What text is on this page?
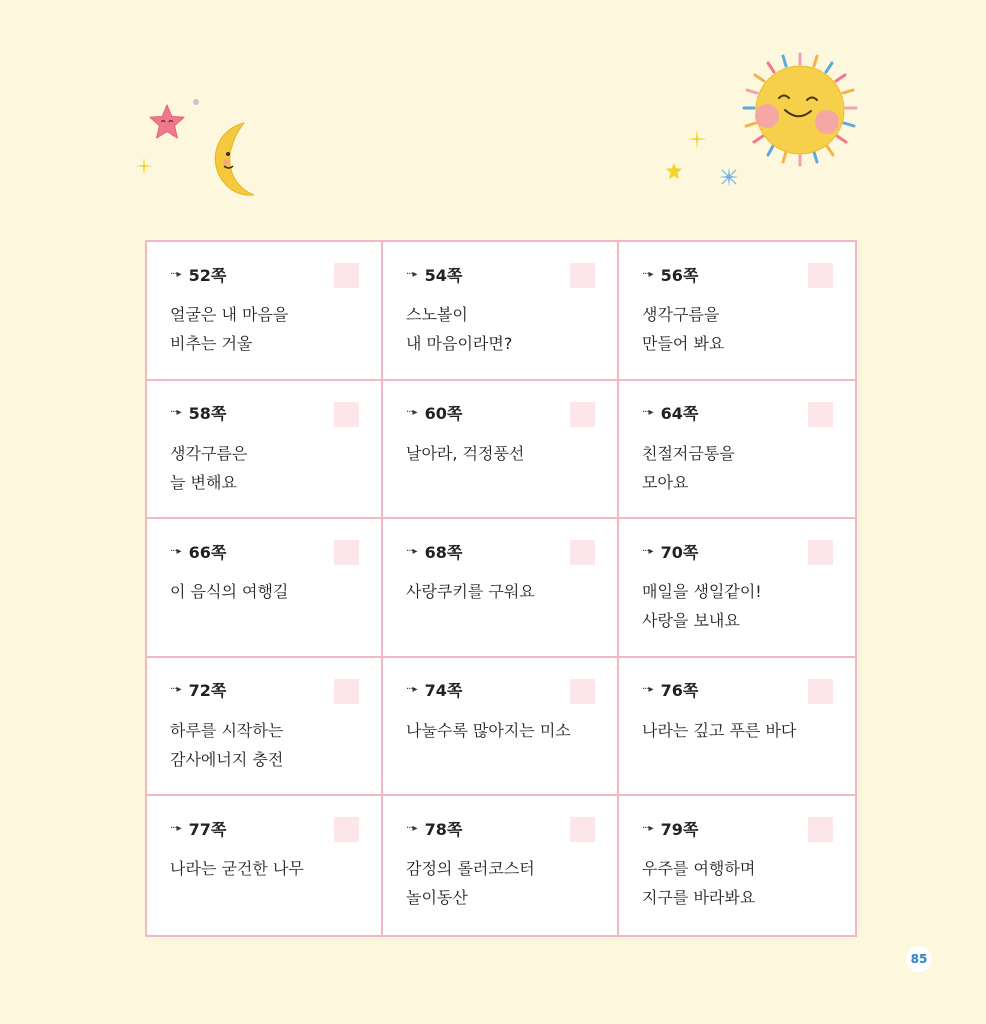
···▸ 52쪽
얼굴은 내 마음을
비추는 거울
···▸ 54쪽
스노볼이
내 마음이라면?
···▸ 56쪽
생각구름을
만들어 봐요
···▸ 58쪽
생각구름은
늘 변해요
···▸ 60쪽
날아라, 걱정풍선
···▸ 64쪽
친절저금통을
모아요
···▸ 66쪽
이 음식의 여행길
···▸ 68쪽
사랑쿠키를 구워요
···▸ 70쪽
매일을 생일같이!
사랑을 보내요
···▸ 72쪽
하루를 시작하는
감사에너지 충전
···▸ 74쪽
나눌수록 많아지는 미소
···▸ 76쪽
나라는 깊고 푸른 바다
···▸ 77쪽
나라는 굳건한 나무
···▸ 78쪽
감정의 롤러코스터
놀이동산
···▸ 79쪽
우주를 여행하며
지구를 바라봐요
85
